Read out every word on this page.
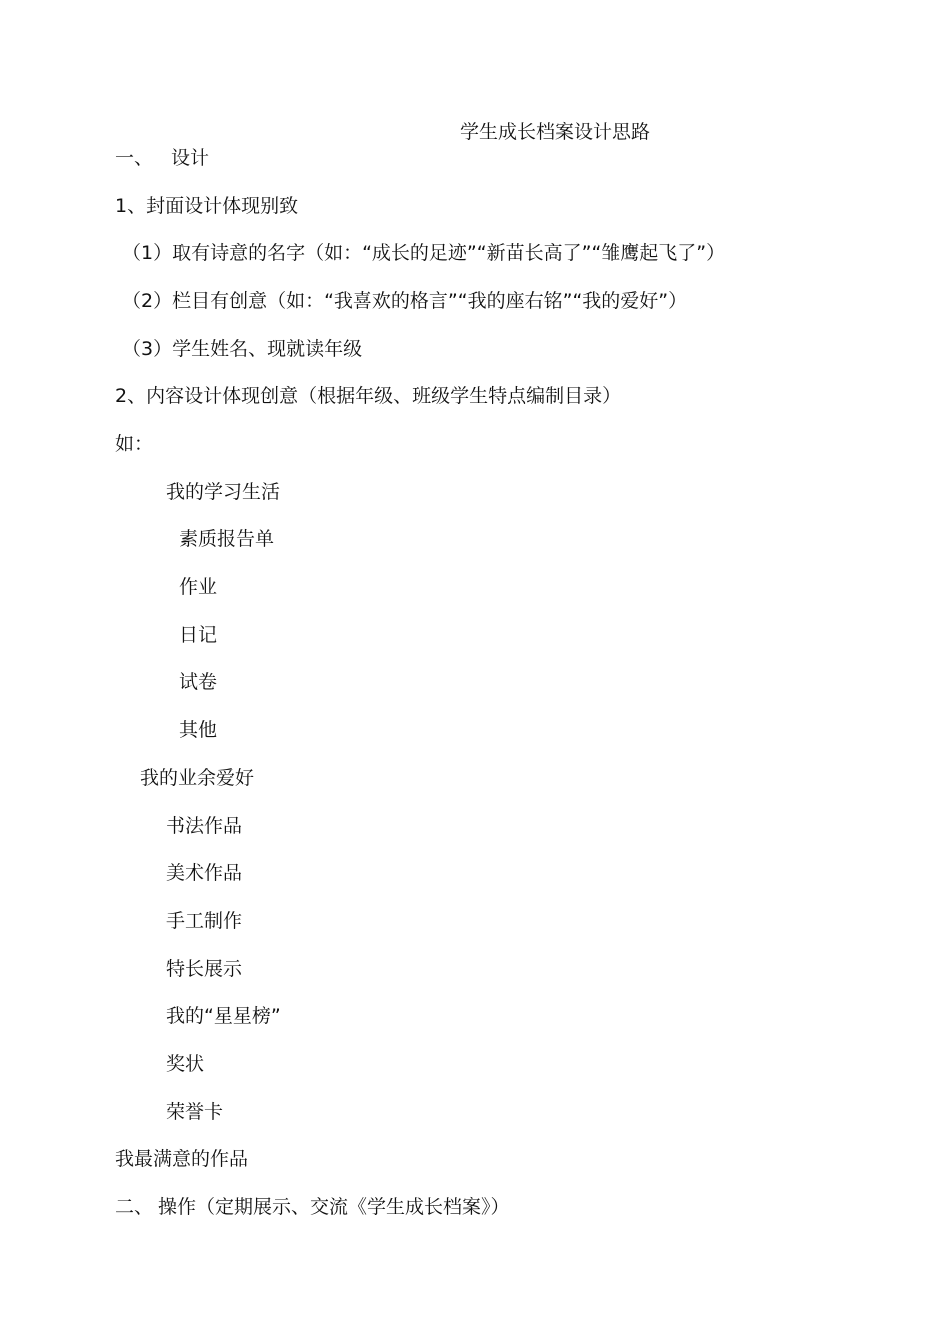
学生成长档案设计思路
一、 设计
1、封面设计体现别致
（1）取有诗意的名字（如：“成长的足迹”“新苗长高了”“雏鹰起飞了”）
（2）栏目有创意（如：“我喜欢的格言”“我的座右铭”“我的爱好”）
（3）学生姓名、现就读年级
2、内容设计体现创意（根据年级、班级学生特点编制目录）
如：
我的学习生活
素质报告单
作业
日记
试卷
其他
我的业余爱好
书法作品
美术作品
手工制作
特长展示
我的“星星榜”
奖状
荣誉卡
我最满意的作品
二、 操作（定期展示、交流《学生成长档案》）
